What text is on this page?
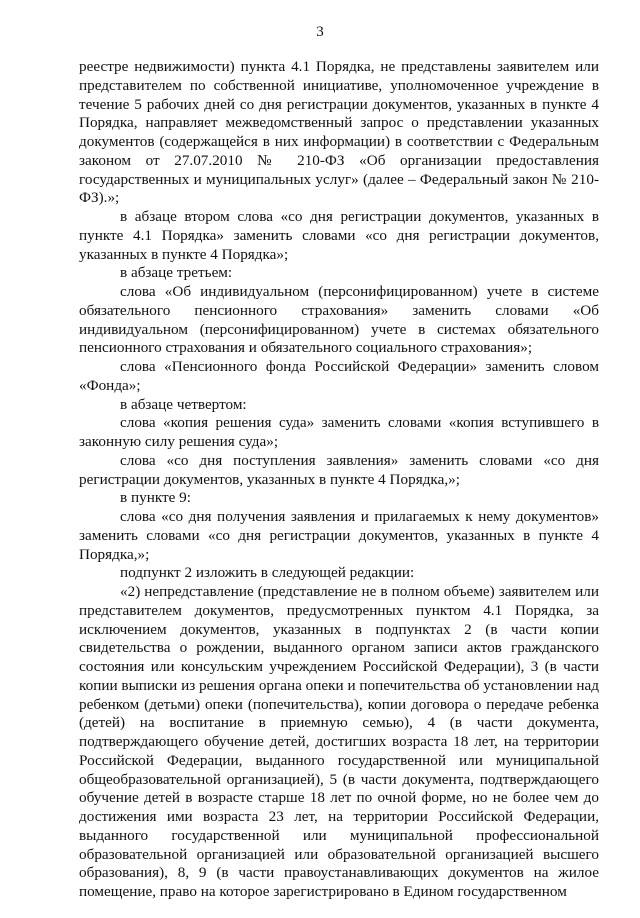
3

реестре недвижимости) пункта 4.1 Порядка, не представлены заявителем или представителем по собственной инициативе, уполномоченное учреждение в течение 5 рабочих дней со дня регистрации документов, указанных в пункте 4 Порядка, направляет межведомственный запрос о представлении указанных документов (содержащейся в них информации) в соответствии с Федеральным законом от 27.07.2010 № 210-ФЗ «Об организации предоставления государственных и муниципальных услуг» (далее – Федеральный закон № 210-ФЗ).»;

в абзаце втором слова «со дня регистрации документов, указанных в пункте 4.1 Порядка» заменить словами «со дня регистрации документов, указанных в пункте 4 Порядка»;

в абзаце третьем:

слова «Об индивидуальном (персонифицированном) учете в системе обязательного пенсионного страхования» заменить словами «Об индивидуальном (персонифицированном) учете в системах обязательного пенсионного страхования и обязательного социального страхования»;

слова «Пенсионного фонда Российской Федерации» заменить словом «Фонда»;

в абзаце четвертом:

слова «копия решения суда» заменить словами «копия вступившего в законную силу решения суда»;

слова «со дня поступления заявления» заменить словами «со дня регистрации документов, указанных в пункте 4 Порядка,»;

в пункте 9:

слова «со дня получения заявления и прилагаемых к нему документов» заменить словами «со дня регистрации документов, указанных в пункте 4 Порядка,»;

подпункт 2 изложить в следующей редакции:

«2) непредставление (представление не в полном объеме) заявителем или представителем документов, предусмотренных пунктом 4.1 Порядка, за исключением документов, указанных в подпунктах 2 (в части копии свидетельства о рождении, выданного органом записи актов гражданского состояния или консульским учреждением Российской Федерации), 3 (в части копии выписки из решения органа опеки и попечительства об установлении над ребенком (детьми) опеки (попечительства), копии договора о передаче ребенка (детей) на воспитание в приемную семью), 4 (в части документа, подтверждающего обучение детей, достигших возраста 18 лет, на территории Российской Федерации, выданного государственной или муниципальной общеобразовательной организацией), 5 (в части документа, подтверждающего обучение детей в возрасте старше 18 лет по очной форме, но не более чем до достижения ими возраста 23 лет, на территории Российской Федерации, выданного государственной или муниципальной профессиональной образовательной организацией или образовательной организацией высшего образования), 8, 9 (в части правоустанавливающих документов на жилое помещение, право на которое зарегистрировано в Едином государственном
